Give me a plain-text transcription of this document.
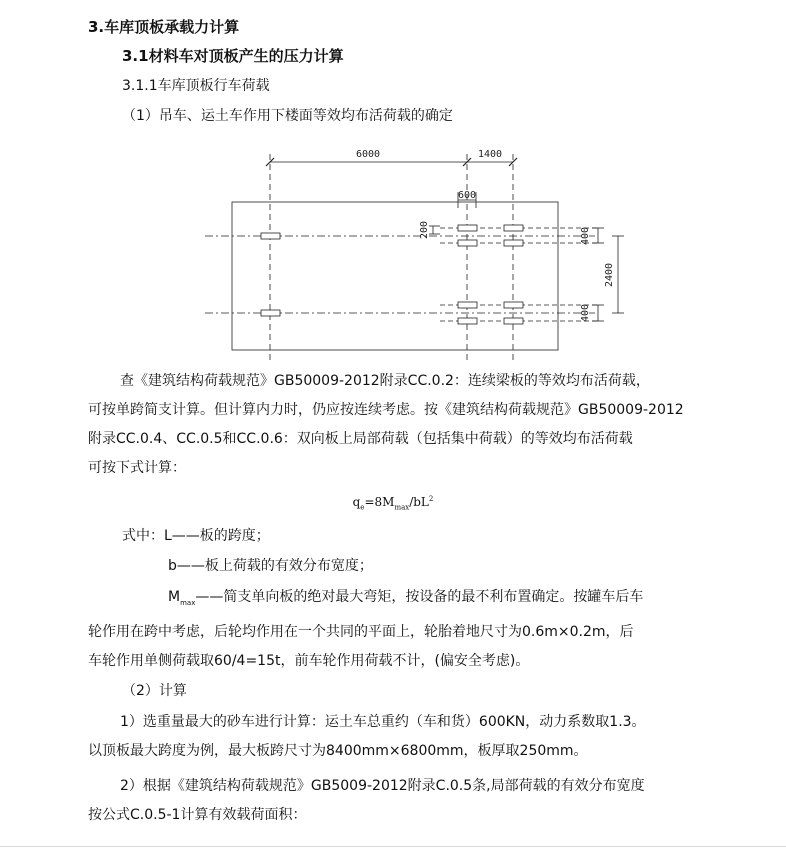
3.车库顶板承载力计算
3.1材料车对顶板产生的压力计算
3.1.1车库顶板行车荷载
（1）吊车、运土车作用下楼面等效均布活荷载的确定
6000	1400
600
200	400
400
2400
查《建筑结构荷载规范》GB50009-2012附录CC.0.2：连续梁板的等效均布活荷载，
可按单跨简支计算。但计算内力时，仍应按连续考虑。按《建筑结构荷载规范》GB50009-2012
附录CC.0.4、CC.0.5和CC.0.6：双向板上局部荷载（包括集中荷载）的等效均布活荷载
可按下式计算：
$q_e=8M_{max}/bL^2$
式中：L——板的跨度；
b——板上荷载的有效分布宽度；
$M_{max}——$简支单向板的绝对最大弯矩，按设备的最不利布置确定。按罐车后车
轮作用在跨中考虑，后轮均作用在一个共同的平面上，轮胎着地尺寸为0.6m×0.2m，后
车轮作用单侧荷载取60/4=15t，前车轮作用荷载不计，(偏安全考虑)。
（2）计算
1）选重量最大的砂车进行计算：运土车总重约（车和货）600KN，动力系数取1.3。
以顶板最大跨度为例，最大板跨尺寸为8400mm×6800mm，板厚取250mm。
2）根据《建筑结构荷载规范》GB5009-2012附录C.0.5条,局部荷载的有效分布宽度
按公式C.0.5-1计算有效载荷面积：
